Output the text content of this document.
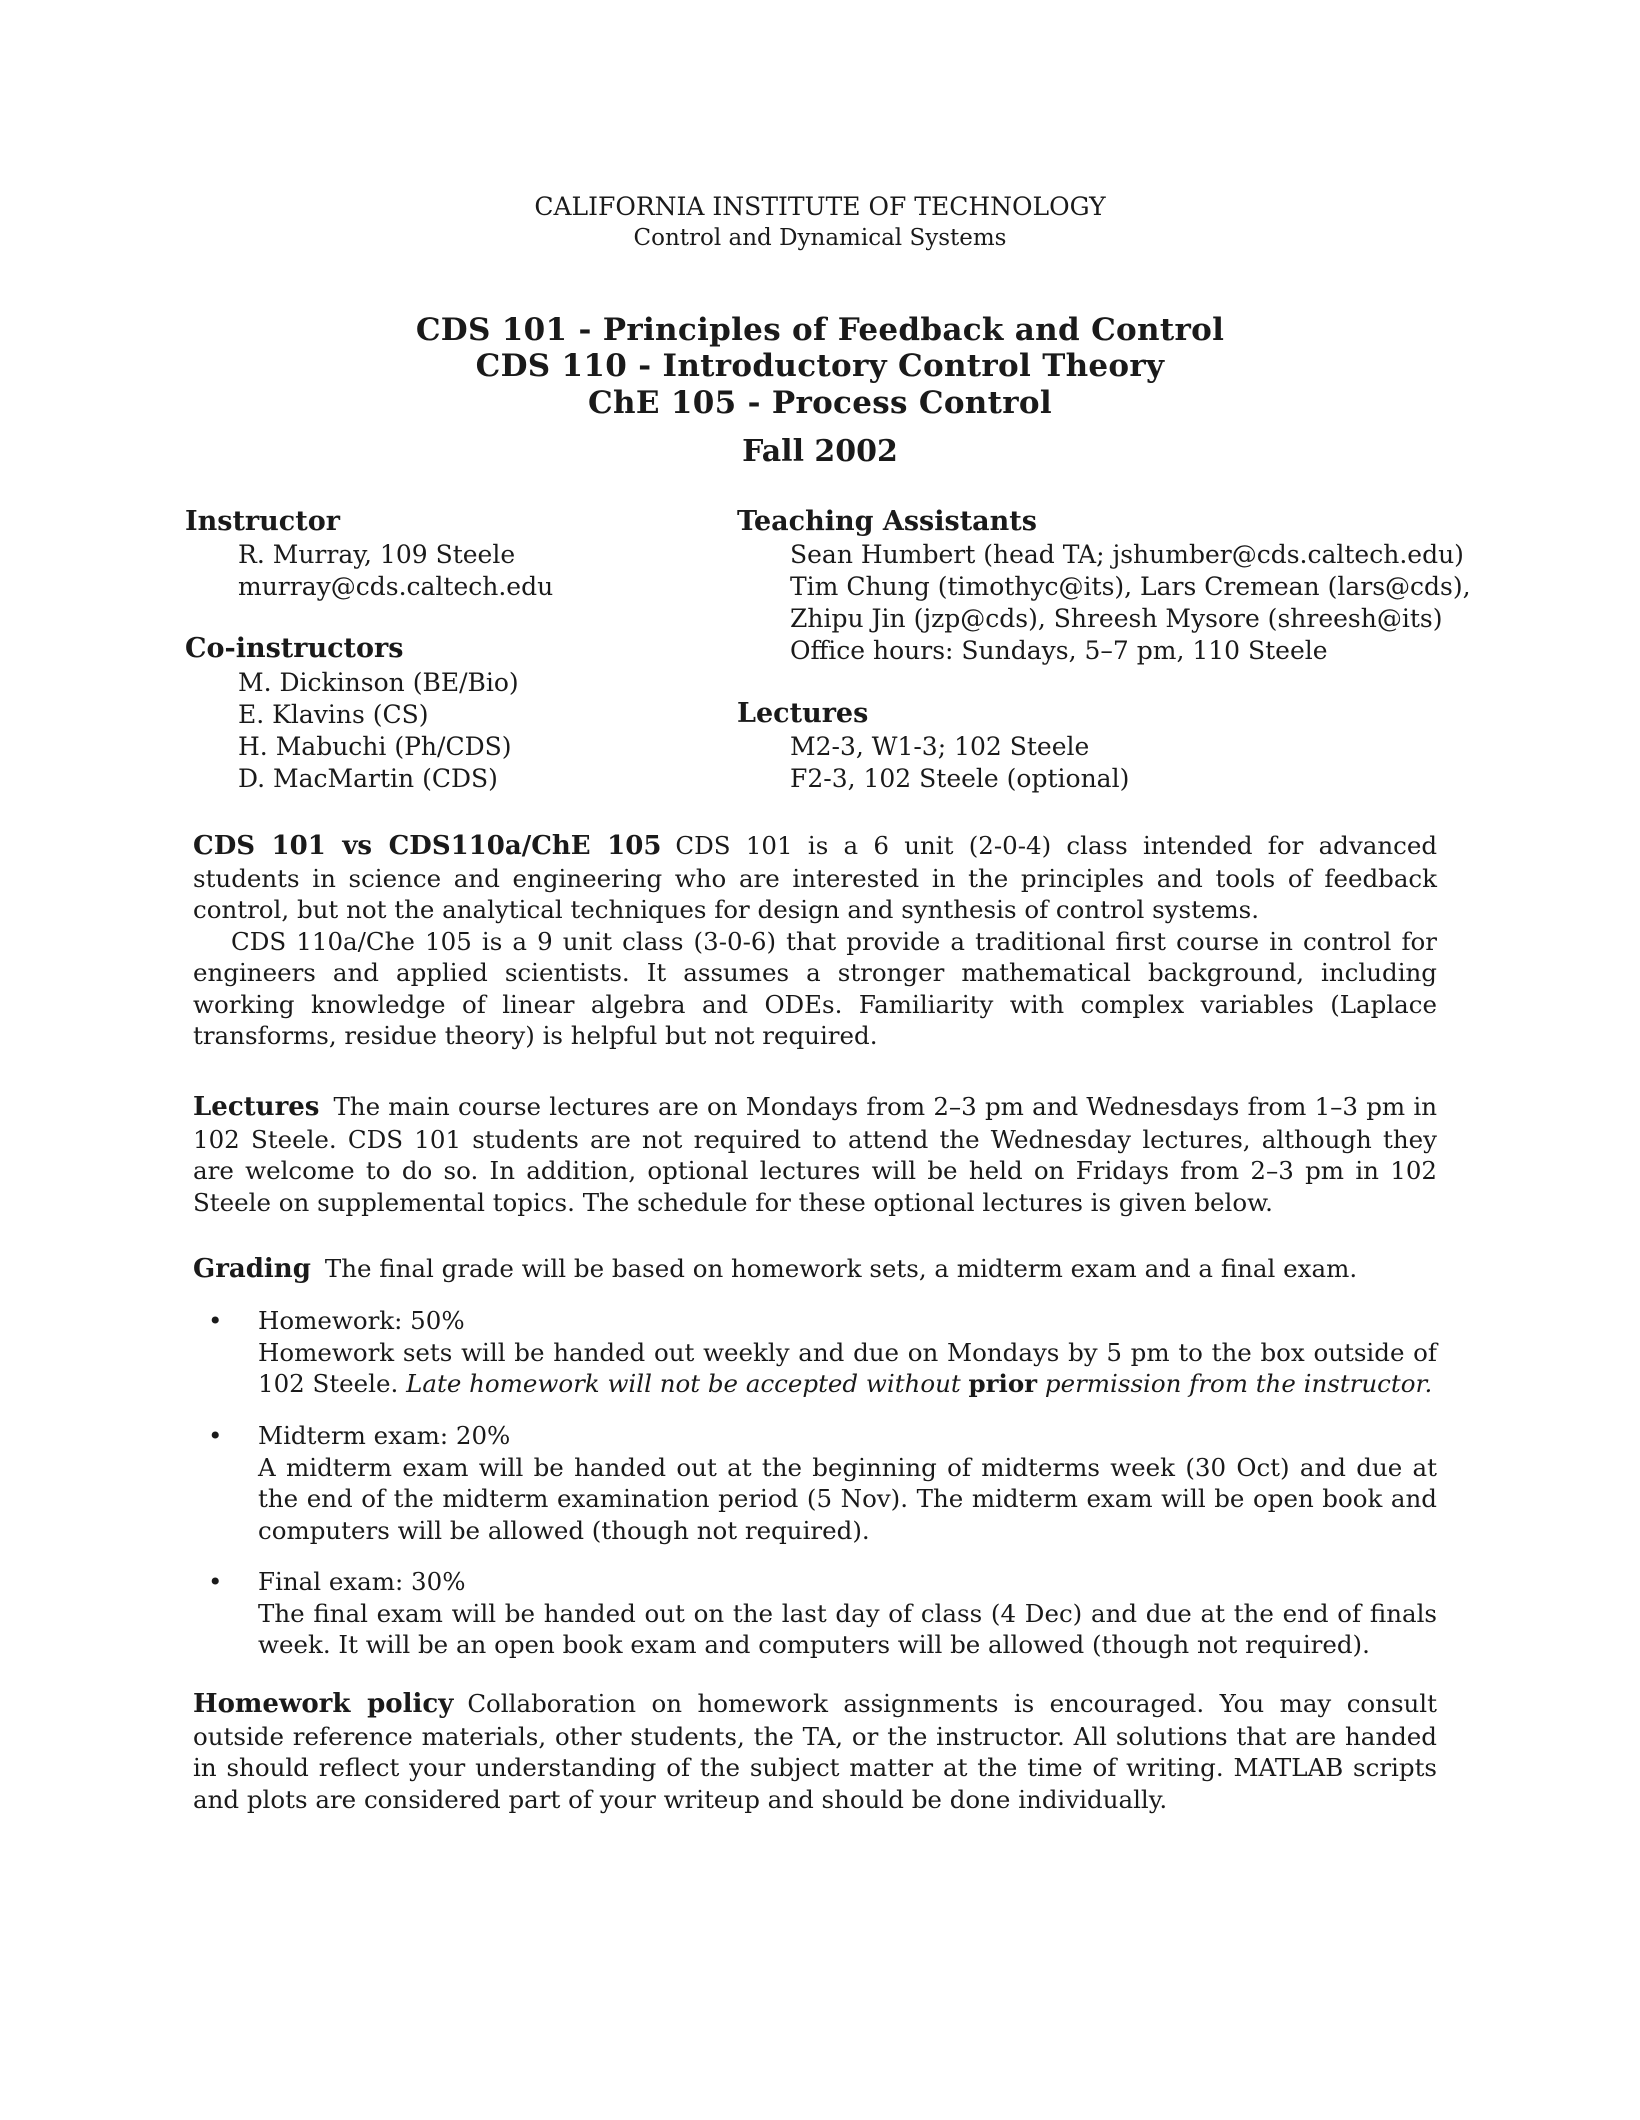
CALIFORNIA INSTITUTE OF TECHNOLOGY
Control and Dynamical Systems
CDS 101 - Principles of Feedback and Control
CDS 110 - Introductory Control Theory
ChE 105 - Process Control
Fall 2002
Instructor
R. Murray, 109 Steele
murray@cds.caltech.edu
Co-instructors
M. Dickinson (BE/Bio)
E. Klavins (CS)
H. Mabuchi (Ph/CDS)
D. MacMartin (CDS)
Teaching Assistants
Sean Humbert (head TA; jshumber@cds.caltech.edu)
Tim Chung (timothyc@its), Lars Cremean (lars@cds),
Zhipu Jin (jzp@cds), Shreesh Mysore (shreesh@its)
Office hours: Sundays, 5–7 pm, 110 Steele
Lectures
M2-3, W1-3; 102 Steele
F2-3, 102 Steele (optional)

CDS 101 vs CDS110a/ChE 105 CDS 101 is a 6 unit (2-0-4) class intended for advanced students in science and engineering who are interested in the principles and tools of feedback control, but not the analytical techniques for design and synthesis of control systems.

CDS 110a/Che 105 is a 9 unit class (3-0-6) that provide a traditional first course in control for engineers and applied scientists. It assumes a stronger mathematical background, including working knowledge of linear algebra and ODEs. Familiarity with complex variables (Laplace transforms, residue theory) is helpful but not required.

Lectures The main course lectures are on Mondays from 2–3 pm and Wednesdays from 1–3 pm in 102 Steele. CDS 101 students are not required to attend the Wednesday lectures, although they are welcome to do so. In addition, optional lectures will be held on Fridays from 2–3 pm in 102 Steele on supplemental topics. The schedule for these optional lectures is given below.

Grading The final grade will be based on homework sets, a midterm exam and a final exam.

• Homework: 50%
Homework sets will be handed out weekly and due on Mondays by 5 pm to the box outside of 102 Steele. Late homework will not be accepted without prior permission from the instructor.
• Midterm exam: 20%
A midterm exam will be handed out at the beginning of midterms week (30 Oct) and due at the end of the midterm examination period (5 Nov). The midterm exam will be open book and computers will be allowed (though not required).
• Final exam: 30%
The final exam will be handed out on the last day of class (4 Dec) and due at the end of finals week. It will be an open book exam and computers will be allowed (though not required).

Homework policy Collaboration on homework assignments is encouraged. You may consult outside reference materials, other students, the TA, or the instructor. All solutions that are handed in should reflect your understanding of the subject matter at the time of writing. MATLAB scripts and plots are considered part of your writeup and should be done individually.
